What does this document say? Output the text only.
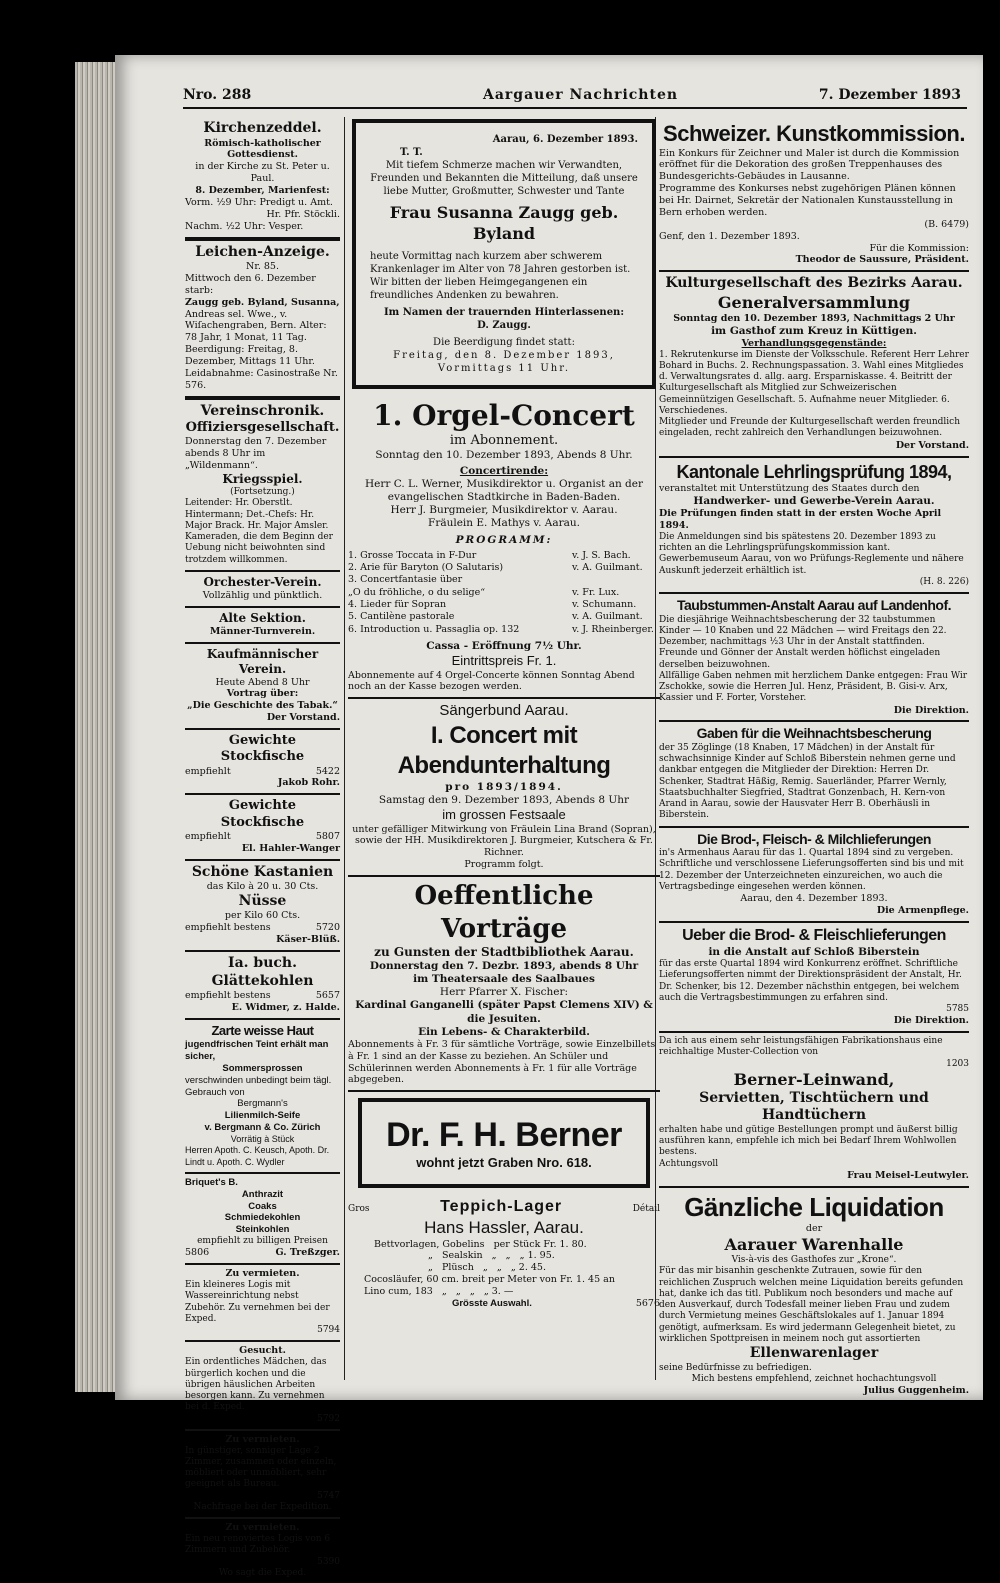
Nro. 288	Aargauer Nachrichten	7. Dezember 1893
Kirchenzeddel.
Römisch-katholischer Gottesdienst.
in der Kirche zu St. Peter u. Paul.
8. Dezember, Marienfest:
Vorm. ½9 Uhr: Predigt u. Amt.
Hr. Pfr. Stöckli.
Nachm. ½2 Uhr: Vesper.
Leichen-Anzeige.
Nr. 85.
Mittwoch den 6. Dezember starb:
Zaugg geb. Byland, Susanna,
Andreas sel. Wwe., v. Wiſachengraben, Bern. Alter: 78 Jahr, 1 Monat, 11 Tag.
Beerdigung: Freitag, 8. Dezember, Mittags 11 Uhr.
Leidabnahme: Casinostraße Nr. 576.
Vereinschronik.
Offiziersgesellschaft.
Donnerstag den 7. Dezember abends 8 Uhr im „Wildenmann“.
Kriegsspiel.
(Fortsetzung.)
Leitender: Hr. Oberstlt. Hintermann; Det.-Chefs: Hr. Major Brack. Hr. Major Amsler.
Kameraden, die dem Beginn der Uebung nicht beiwohnten sind trotzdem willkommen.
Orchester-Verein.
Vollzählig und pünktlich.
Alte Sektion.
Männer-Turnverein.
Kaufmännischer Verein.
Heute Abend 8 Uhr
Vortrag über:
„Die Geschichte des Tabak.“
Der Vorstand.
Gewichte Stockfische
empfiehlt	5422
Jakob Rohr.
Gewichte Stockfische
empfiehlt	5807
El. Hahler-Wanger
Schöne Kastanien
das Kilo à 20 u. 30 Cts.
Nüsse
per Kilo 60 Cts.
empfiehlt bestens	5720
Käser-Blüß.
Ia. buch. Glättekohlen
empfiehlt bestens	5657
E. Widmer, z. Halde.
Zarte weisse Haut
jugendfrischen Teint erhält man sicher,
Sommersprossen
verschwinden unbedingt beim tägl. Gebrauch von
Bergmann's
Lilienmilch-Seife
v. Bergmann & Co. Zürich
Vorrätig à Stück
Herren Apoth. C. Keusch, Apoth. Dr. Lindt u. Apoth. C. Wydler
Briquet's B.
Anthrazit
Coaks
Schmiedekohlen
Steinkohlen
empfiehlt zu billigen Preisen
5806	G. Treßzger.
Zu vermieten.
Ein kleineres Logis mit Wassereinrichtung nebst Zubehör. Zu vernehmen bei der Exped.
5794
Gesucht.
Ein ordentliches Mädchen, das bürgerlich kochen und die übrigen häuslichen Arbeiten besorgen kann. Zu vernehmen bei d. Exped.
5792
Zu vermieten.
In günstiger, sonniger Lage 2 Zimmer, zusammen oder einzeln, möbliert oder unmöbliert, sehr geeignet als Bureau.
5747
Nachfrage bei der Expedition.
Zu vermieten.
Ein neu renoviertes Logis von 6 Zimmern und Zubehör.
5390
Wo sagt die Exped.
Aarau, 6. Dezember 1893.
T. T.
Mit tiefem Schmerze machen wir Verwandten, Freunden und Bekannten die Mitteilung, daß unsere liebe Mutter, Großmutter, Schwester und Tante
Frau Susanna Zaugg geb. Byland
heute Vormittag nach kurzem aber schwerem Krankenlager im Alter von 78 Jahren gestorben ist.
Wir bitten der lieben Heimgegangenen ein freundliches Andenken zu bewahren.
Im Namen der trauernden Hinterlassenen:
D. Zaugg.
Die Beerdigung findet statt:
Freitag, den 8. Dezember 1893, Vormittags 11 Uhr.
1. Orgel-Concert
im Abonnement.
Sonntag den 10. Dezember 1893, Abends 8 Uhr.
Concertirende:
Herr C. L. Werner, Musikdirektor u. Organist an der evangelischen Stadtkirche in Baden-Baden.
Herr J. Burgmeier, Musikdirektor v. Aarau.
Fräulein E. Mathys v. Aarau.
PROGRAMM:
1. Grosse Toccata in F-Dur	v. J. S. Bach.
2. Arie für Baryton (O Salutaris)	v. A. Guilmant.
3. Concertfantasie über
„O du fröhliche, o du selige“	v. Fr. Lux.
4. Lieder für Sopran	v. Schumann.
5. Cantilène pastorale	v. A. Guilmant.
6. Introduction u. Passaglia op. 132	v. J. Rheinberger.
Cassa - Eröffnung 7½ Uhr.
Eintrittspreis Fr. 1.
Abonnemente auf 4 Orgel-Concerte können Sonntag Abend noch an der Kasse bezogen werden.
Sängerbund Aarau.
I. Concert mit Abendunterhaltung
pro 1893/1894.
Samstag den 9. Dezember 1893, Abends 8 Uhr
im grossen Festsaale
unter gefälliger Mitwirkung von Fräulein Lina Brand (Sopran), sowie der HH. Musikdirektoren J. Burgmeier, Kutschera & Fr. Richner.
Programm folgt.
Oeffentliche Vorträge
zu Gunsten der Stadtbibliothek Aarau.
Donnerstag den 7. Dezbr. 1893, abends 8 Uhr
im Theatersaale des Saalbaues
Herr Pfarrer X. Fischer:
Kardinal Ganganelli (später Papst Clemens XIV) & die Jesuiten.
Ein Lebens- & Charakterbild.
Abonnements à Fr. 3 für sämtliche Vorträge, sowie Einzelbillets à Fr. 1 sind an der Kasse zu beziehen. An Schüler und Schülerinnen werden Abonnements à Fr. 1 für alle Vorträge abgegeben.
Dr. F. H. Berner
wohnt jetzt Graben Nro. 618.
Gros	Teppich-Lager	Détail
Hans Hassler, Aarau.
Bettvorlagen, Gobelins   per Stück Fr. 1. 80.
„   Sealskin   „   „   „ 1. 95.
„   Plüsch   „   „   „ 2. 45.
Cocosläufer, 60 cm. breit per Meter von Fr. 1. 45 an
Lino cum, 183   „   „   „   „ 3. —
Grösste Auswahl.	5676
Schweizer. Kunstkommission.
Ein Konkurs für Zeichner und Maler ist durch die Kommission eröffnet für die Dekoration des großen Treppenhauses des Bundesgerichts-Gebäudes in Lausanne.
Programme des Konkurses nebst zugehörigen Plänen können bei Hr. Dairnet, Sekretär der Nationalen Kunstausstellung in Bern erhoben werden.
(B. 6479)
Genf, den 1. Dezember 1893.
Für die Kommission:
Theodor de Saussure, Präsident.
Kulturgesellschaft des Bezirks Aarau.
Generalversammlung
Sonntag den 10. Dezember 1893, Nachmittags 2 Uhr
im Gasthof zum Kreuz in Küttigen.
Verhandlungsgegenstände:
1. Rekrutenkurse im Dienste der Volksschule. Referent Herr Lehrer Bohard in Buchs. 2. Rechnungspassation. 3. Wahl eines Mitgliedes d. Verwaltungsrates d. allg. aarg. Ersparniskasse. 4. Beitritt der Kulturgesellschaft als Mitglied zur Schweizerischen Gemeinnützigen Gesellschaft. 5. Aufnahme neuer Mitglieder. 6. Verschiedenes.
Mitglieder und Freunde der Kulturgesellschaft werden freundlich eingeladen, recht zahlreich den Verhandlungen beizuwohnen.
Der Vorstand.
Kantonale Lehrlingsprüfung 1894,
veranstaltet mit Unterstützung des Staates durch den
Handwerker- und Gewerbe-Verein Aarau.
Die Prüfungen finden statt in der ersten Woche April 1894.
Die Anmeldungen sind bis spätestens 20. Dezember 1893 zu richten an die Lehrlingsprüfungskommission kant. Gewerbemuseum Aarau, von wo Prüfungs-Reglemente und nähere Auskunft jederzeit erhältlich ist.
(H. 8. 226)
Taubstummen-Anstalt Aarau auf Landenhof.
Die diesjährige Weihnachtsbescherung der 32 taubstummen Kinder — 10 Knaben und 22 Mädchen — wird Freitags den 22. Dezember, nachmittags ½3 Uhr in der Anstalt stattfinden.
Freunde und Gönner der Anstalt werden höflichst eingeladen derselben beizuwohnen.
Allfällige Gaben nehmen mit herzlichem Danke entgegen: Frau Wir Zschokke, sowie die Herren Jul. Henz, Präsident, B. Gisi-v. Arx, Kassier und F. Forter, Vorsteher.
Die Direktion.
Gaben für die Weihnachtsbescherung
der 35 Zöglinge (18 Knaben, 17 Mädchen) in der Anstalt für schwachsinnige Kinder auf Schloß Biberstein nehmen gerne und dankbar entgegen die Mitglieder der Direktion: Herren Dr. Schenker, Stadtrat Häßig, Remig. Sauerländer, Pfarrer Wernly, Staatsbuchhalter Siegfried, Stadtrat Gonzenbach, H. Kern-von Arand in Aarau, sowie der Hausvater Herr B. Oberhäusli in Biberstein.
Die Brod-, Fleisch- & Milchlieferungen
in's Armenhaus Aarau für das 1. Quartal 1894 sind zu vergeben. Schriftliche und verschlossene Lieferungsofferten sind bis und mit 12. Dezember der Unterzeichneten einzureichen, wo auch die Vertragsbedinge eingesehen werden können.
Aarau, den 4. Dezember 1893.
Die Armenpflege.
Ueber die Brod- & Fleischlieferungen
in die Anstalt auf Schloß Biberstein
für das erste Quartal 1894 wird Konkurrenz eröffnet. Schriftliche Lieferungsofferten nimmt der Direktionspräsident der Anstalt, Hr. Dr. Schenker, bis 12. Dezember nächsthin entgegen, bei welchem auch die Vertragsbestimmungen zu erfahren sind.
5785
Die Direktion.
Da ich aus einem sehr leistungsfähigen Fabrikationshaus eine reichhaltige Muster-Collection von
1203
Berner-Leinwand,
Servietten, Tischtüchern und Handtüchern
erhalten habe und gütige Bestellungen prompt und äußerst billig ausführen kann, empfehle ich mich bei Bedarf Ihrem Wohlwollen bestens.
Achtungsvoll
Frau Meisel-Leutwyler.
Gänzliche Liquidation
der
Aarauer Warenhalle
Vis-à-vis des Gasthofes zur „Krone“.
Für das mir bisanhin geschenkte Zutrauen, sowie für den reichlichen Zuspruch welchen meine Liquidation bereits gefunden hat, danke ich das titl. Publikum noch besonders und mache auf den Ausverkauf, durch Todesfall meiner lieben Frau und zudem durch Vermietung meines Geschäftslokales auf 1. Januar 1894 genötigt, aufmerksam. Es wird jedermann Gelegenheit bietet, zu wirklichen Spottpreisen in meinem noch gut assortierten
Ellenwarenlager
seine Bedürfnisse zu befriedigen.
Mich bestens empfehlend, zeichnet hochachtungsvoll
Julius Guggenheim.
